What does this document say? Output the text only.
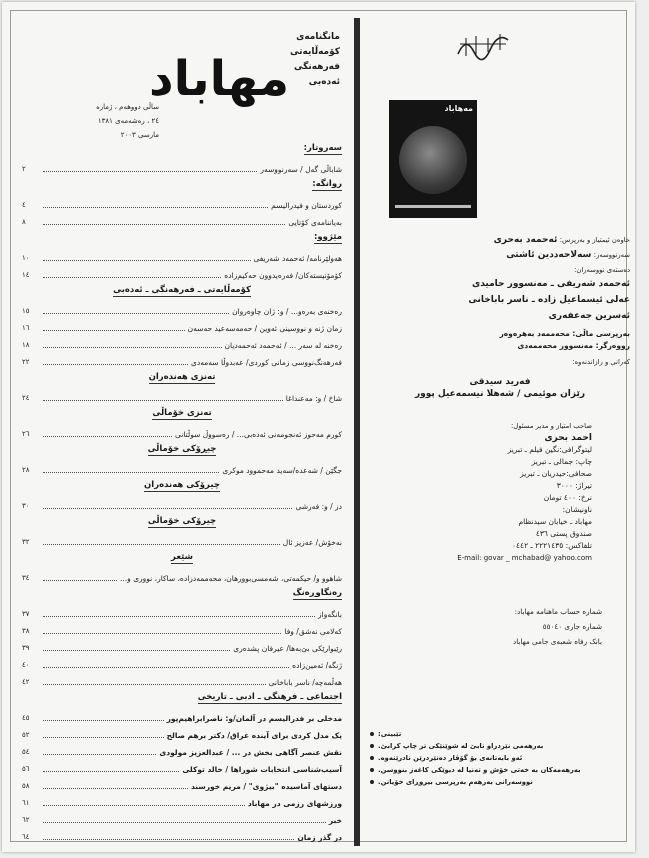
مهاباد
مانگنامەی
کۆمەڵایەتی
فەرهەنگی
ئەدەبی
ساڵی دووهەم ، ژمارە ٢٤ ، رەشەمەی ١٣٨١
مارسی ٢٠٠٣
سەروتار:
شاباڵی گەل / سەرنووسەر
٢
روانگە:
کوردستان و فیدرالیسم
٤
بەیاننامەی کۆتایی
٨
مێژوو:
هەولێرنامە/ ئەحمەد شەریفی
١٠
کۆمۆنیستەکان/ فەرەیدوون حەکیم‌زادە
١٤
کۆمەڵایەتی ـ فەرهەنگی ـ ئەدەبی
رەخنەی بەرەو... / و: ژان چاوەروان
١٥
زمان ژنە و نووسینی ئەوین / حەمەسەعید حەسەن
١٦
رەخنە لە سەر ... / ئەحمەد ئەحمەدیان
١٨
فەرهەنگ‌نووسی زمانی کوردی/ عەبدوڵا سەمەدی
٢٢
تەنزی هەندەران
شاخ / و: مەعنداغا
٢٤
تەنزی خۆماڵی
کورم مەحوز ئەنجومەنی ئەدەبی... / رەسووڵ سوڵتانی
٢٦
چیڕۆکی خۆماڵی
جگێن / شەعدە/سەید مەحموود موکری
٢٨
چیرۆکی هەندەران
دز / و: فەرشی
٣٠
چیرۆکی خۆماڵی
نەخۆش/ عەزیز ئال
٣٢
شێعر
شاهوو و/ حیکمەتی، شەمسی‌بوورهان، محەممەدزادە، ساکار، نووری و...
٣٤
رەنگاوڕەنگ
بانگەواز
٣٧
کەلامی نەشق/ وفا
٣٨
رێبوارێکی بێ‌بەها/ عیرفان پشدەری
٣٩
ژنگە/ ئەمین‌زادە
٤٠
هەڵمەچە/ ناسر باباخانی
٤٢
اجتماعی ـ فرهنگی ـ ادبی ـ تاریخی
مدخلی بر فدرالیسم در آلمان/و: ناصرابراهیم‌پور
٤٥
یک مدل کردی برای آینده عراق/ دکتر برهم صالح
٥٢
نقش عنصر آگاهی بخش در ... / عبدالعزیز مولودی
٥٤
آسیب‌شناسی انتخابات شوراها / خالد توکلی
٥٦
دستهای آماسیده "بیژوی" / مریم خورسند
٥٨
ورزشهای رزمی در مهاباد
٦١
خبر
٦٢
در گذر زمان
٦٤
مەهاباد
خاوەن ئیمتیاز و بەرپرس: ئەحمەد بەحری
سەرنووسەر: سەلاحەددین ئاشتی
دەستەی نووسەران:
ئەحمەد شەریفی ـ مەنسوور حامیدی
عەلی ئیسماعیل زادە ـ ناسر باباخانی
ئەسرین جەعفەری
بەرپرسی ماڵی: محەممەد بەهرەوەر
رووەرگر: مەنسوور محەممەدی
کەرانی و رازاندنەوە:
فەرید سیدقی
رێزان موئیمی / شەهلا نیسمەعیل پوور
صاحب امتیاز و مدیر مسئول:
احمد بحری
لیتوگرافی:نگین فیلم ـ تبریز
چاپ: جمالی ـ تبریز
صحافی:حیدریان ـ تبریز
تیراژ: ٣٠٠٠
نرخ: ٤٠٠ تومان
ناونیشان:
مهاباد ـ خیابان سیدنظام
صندوق پستی ٤٣٦
تلفاکس: ٢٢٢١٤٣٥ ـ ٠٤٤٢
E-mail: govar _ mchabad@ yahoo.com
شماره حساب ماهنامه مهاباد:
شماره جاری ٥٥٠٤٠
بانک رفاه شعبه‌ی جامی مهاباد
تێبینی:
بەرهەمی نێردراو نابێ لە شوێنێکی تر چاپ کرابێ.
ئەو بابەتانەی بۆ گۆڤار دەنێردرێن نادرێنەوە.
بەرهەمەکان بە خەتی خۆش و تەنیا لە دیوێکی کاغەز بنووسن.
نووسەرانی بەرهەم بەرپرسی بیروڕای خۆیانن.
